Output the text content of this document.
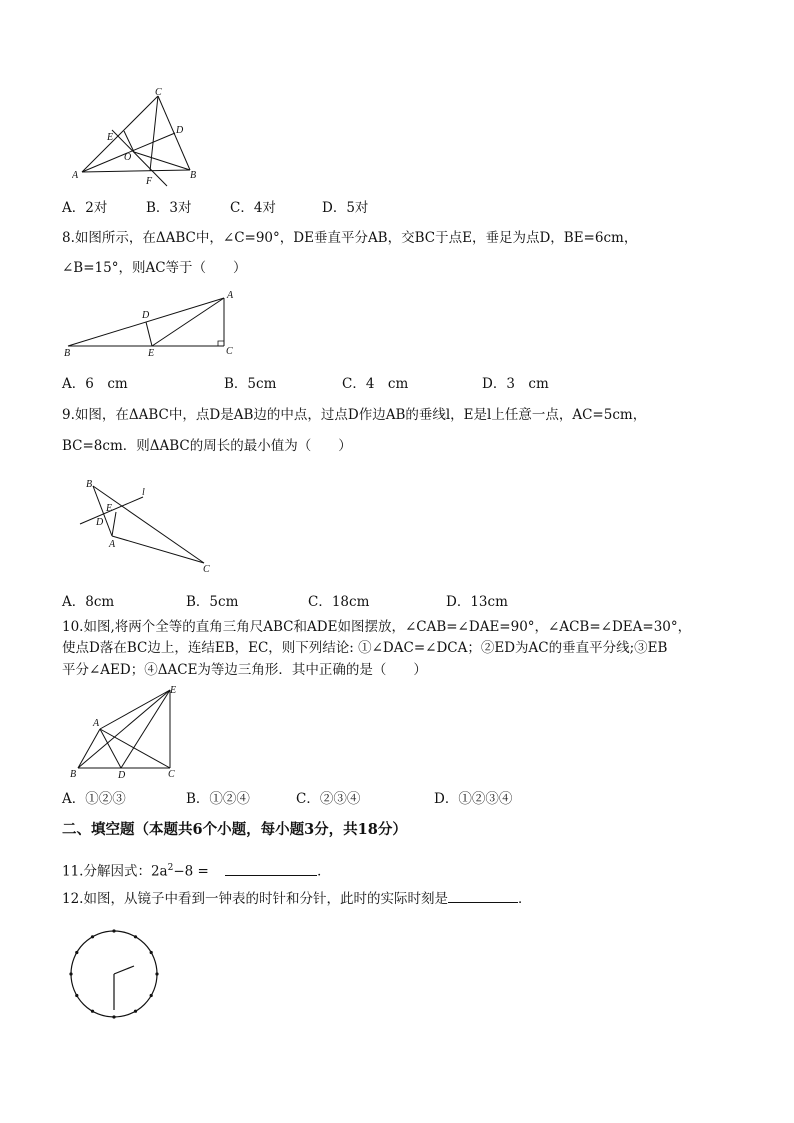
C
E
D
O
A
F
B
A．2对	B．3对	C．4对	D．5对
8.如图所示，在ΔABC中，∠C=90°，DE垂直平分AB，交BC于点E，垂足为点D，BE=6cm，
∠B=15°，则AC等于（　　）
A
D
B	E	C
A．6　cm	B．5cm	C．4　cm	D．3　cm
9.如图，在ΔABC中，点D是AB边的中点，过点D作边AB的垂线l，E是l上任意一点，AC=5cm，
BC=8cm．则ΔABC的周长的最小值为（　　）
B
l
E
D
A
C
A．8cm	B．5cm	C．18cm	D．13cm
10.如图,将两个全等的直角三角尺ABC和ADE如图摆放，∠CAB=∠DAE=90°，∠ACB=∠DEA=30°，
使点D落在BC边上，连结EB，EC，则下列结论: ①∠DAC=∠DCA；②ED为AC的垂直平分线;③EB
平分∠AED；④ΔACE为等边三角形．其中正确的是（　　）
E
A
B	D	C
A．①②③	B．①②④	C．②③④	D．①②③④
二、填空题（本题共6个小题，每小题3分，共18分）
11.分解因式：$2a^2-8$ =	．
12.如图，从镜子中看到一钟表的时针和分针，此时的实际时刻是	．
